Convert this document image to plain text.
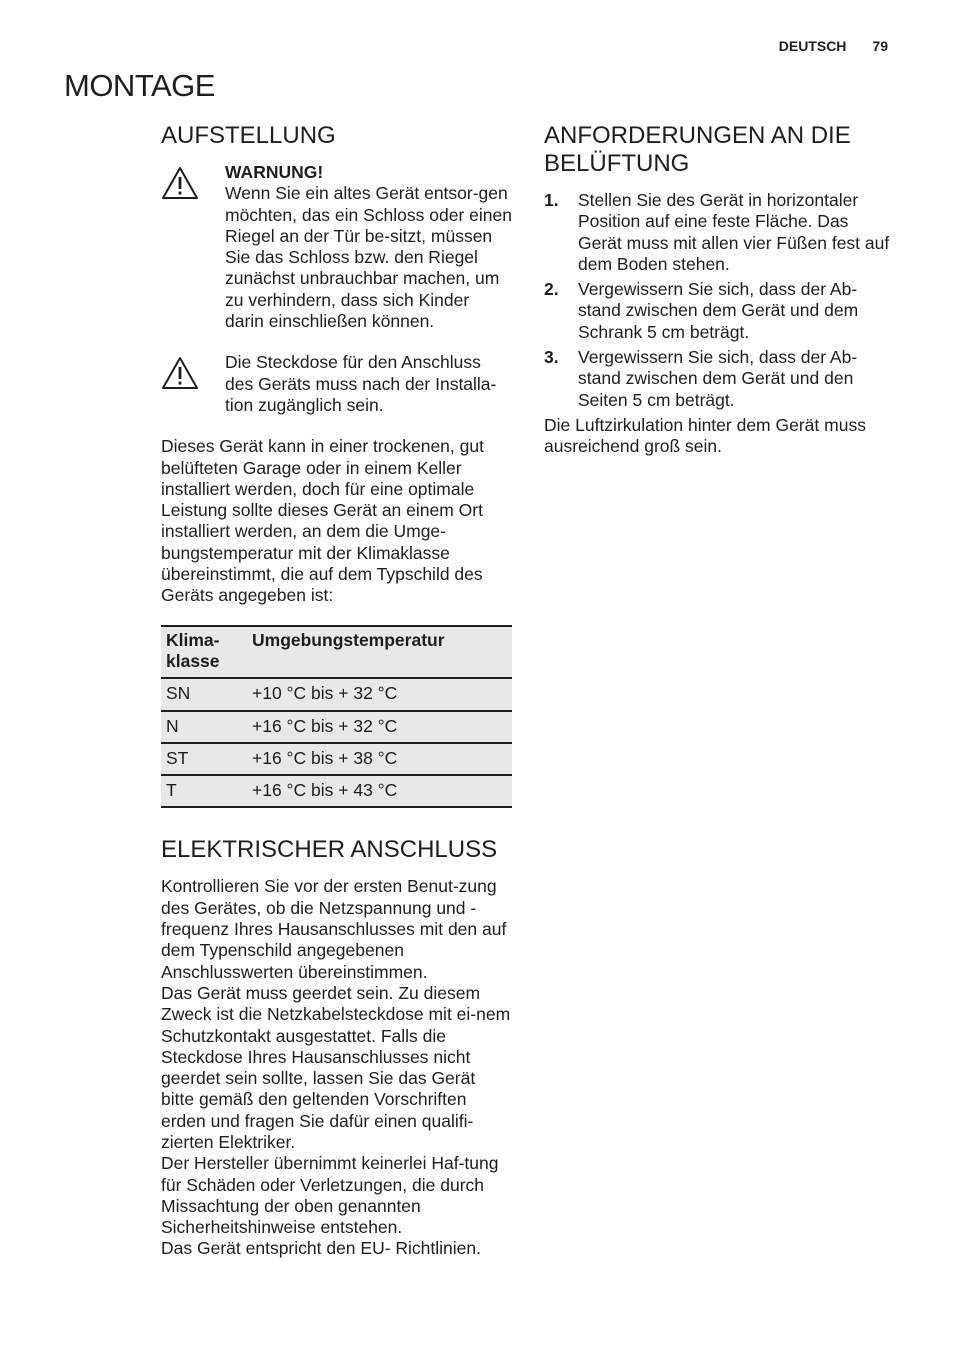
DEUTSCH 79
MONTAGE
AUFSTELLUNG
WARNUNG!

Wenn Sie ein altes Gerät entsor-gen möchten, das ein Schloss oder einen Riegel an der Tür be-sitzt, müssen Sie das Schloss bzw. den Riegel zunächst unbrauchbar machen, um zu verhindern, dass sich Kinder darin einschließen können.

Die Steckdose für den Anschluss des Geräts muss nach der Installa-tion zugänglich sein.

Dieses Gerät kann in einer trockenen, gut belüfteten Garage oder in einem Keller installiert werden, doch für eine optimale Leistung sollte dieses Gerät an einem Ort installiert werden, an dem die Umge-bungstemperatur mit der Klimaklasse übereinstimmt, die auf dem Typschild des Geräts angegeben ist:

Klima-klasse	Umgebungstemperatur
SN	+10 °C bis + 32 °C
N	+16 °C bis + 32 °C
ST	+16 °C bis + 38 °C
T	+16 °C bis + 43 °C
ELEKTRISCHER ANSCHLUSS

Kontrollieren Sie vor der ersten Benut-zung des Gerätes, ob die Netzspannung und -frequenz Ihres Hausanschlusses mit den auf dem Typenschild angegebenen Anschlusswerten übereinstimmen.

Das Gerät muss geerdet sein. Zu diesem Zweck ist die Netzkabelsteckdose mit ei-nem Schutzkontakt ausgestattet. Falls die Steckdose Ihres Hausanschlusses nicht geerdet sein sollte, lassen Sie das Gerät bitte gemäß den geltenden Vorschriften erden und fragen Sie dafür einen qualifi-zierten Elektriker.

Der Hersteller übernimmt keinerlei Haf-tung für Schäden oder Verletzungen, die durch Missachtung der oben genannten Sicherheitshinweise entstehen.

Das Gerät entspricht den EU- Richtlinien.

ANFORDERUNGEN AN DIE BELÜFTUNG
1.	Stellen Sie des Gerät in horizontaler Position auf eine feste Fläche. Das Gerät muss mit allen vier Füßen fest auf dem Boden stehen.
2.	Vergewissern Sie sich, dass der Ab-stand zwischen dem Gerät und dem Schrank 5 cm beträgt.
3.	Vergewissern Sie sich, dass der Ab-stand zwischen dem Gerät und den Seiten 5 cm beträgt.

Die Luftzirkulation hinter dem Gerät muss ausreichend groß sein.
